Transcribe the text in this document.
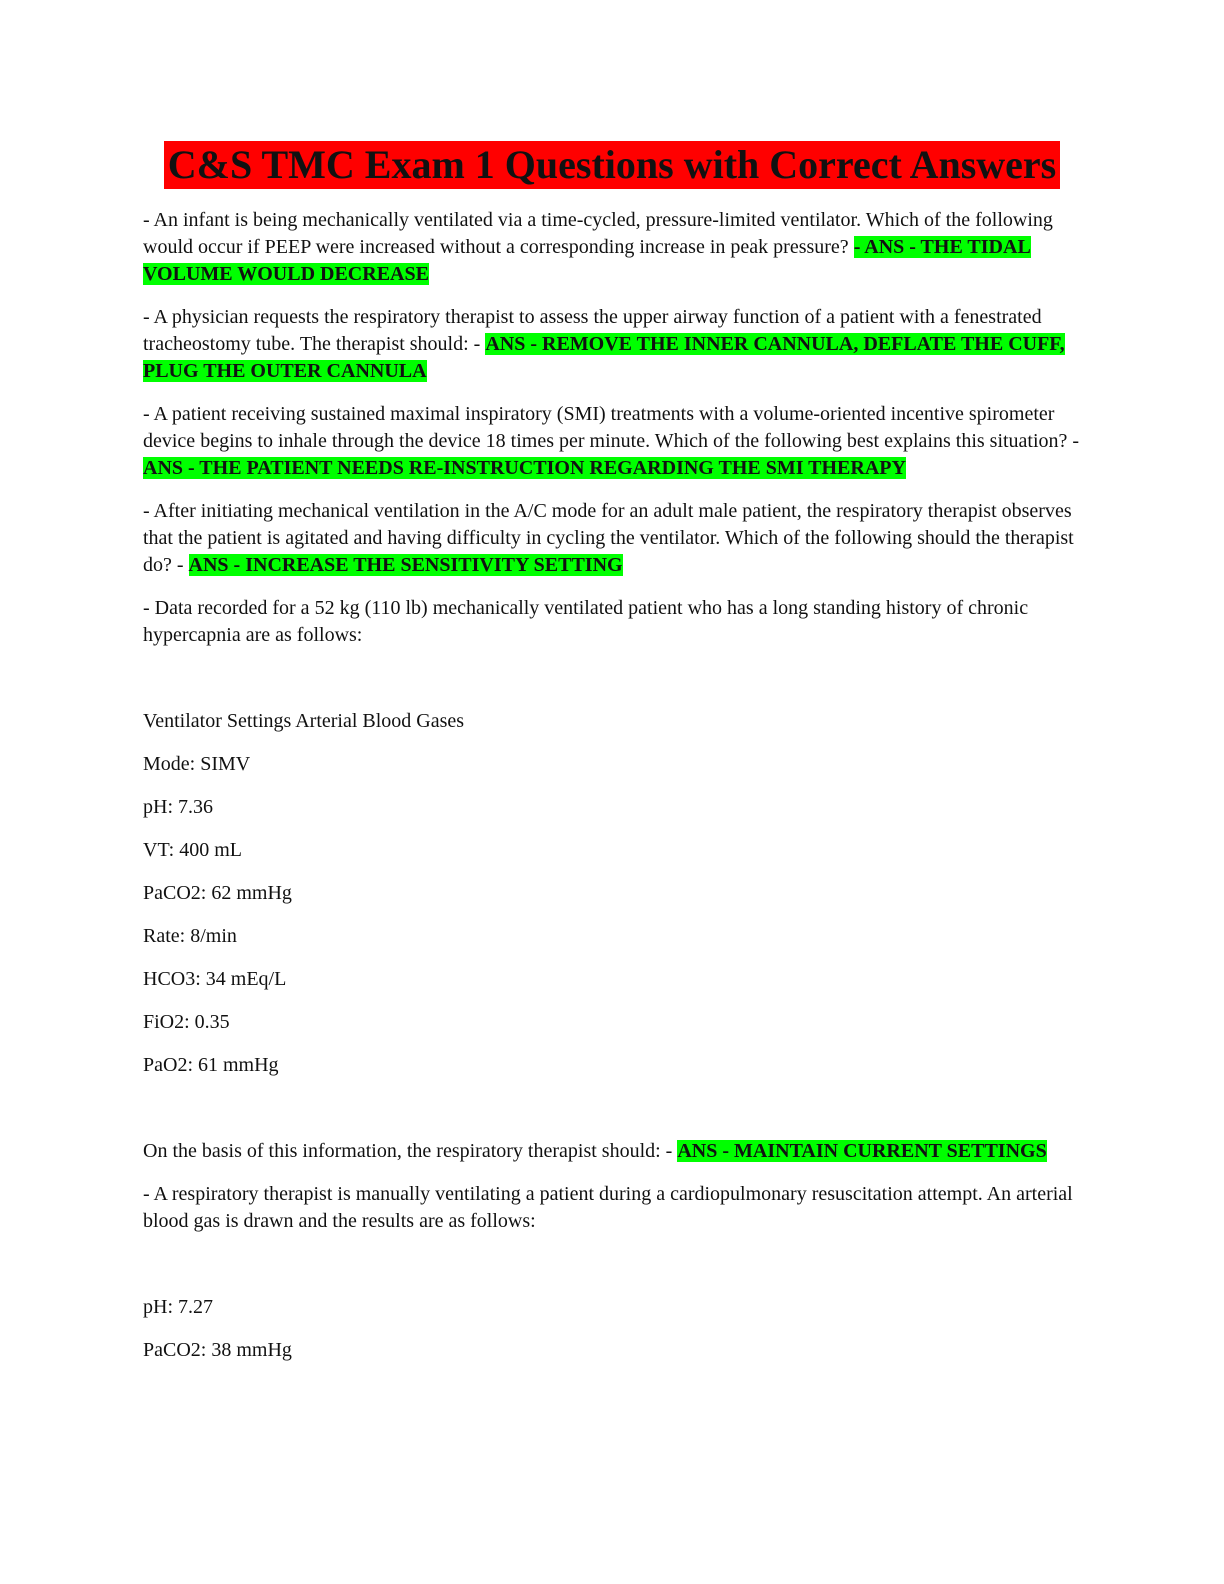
C&S TMC Exam 1 Questions with Correct Answers

- An infant is being mechanically ventilated via a time-cycled, pressure-limited ventilator. Which of the following would occur if PEEP were increased without a corresponding increase in peak pressure? - ANS - THE TIDAL VOLUME WOULD DECREASE

- A physician requests the respiratory therapist to assess the upper airway function of a patient with a fenestrated tracheostomy tube. The therapist should: - ANS - REMOVE THE INNER CANNULA, DEFLATE THE CUFF, PLUG THE OUTER CANNULA

- A patient receiving sustained maximal inspiratory (SMI) treatments with a volume-oriented incentive spirometer device begins to inhale through the device 18 times per minute. Which of the following best explains this situation? - ANS - THE PATIENT NEEDS RE-INSTRUCTION REGARDING THE SMI THERAPY

- After initiating mechanical ventilation in the A/C mode for an adult male patient, the respiratory therapist observes that the patient is agitated and having difficulty in cycling the ventilator. Which of the following should the therapist do? - ANS - INCREASE THE SENSITIVITY SETTING

- Data recorded for a 52 kg (110 lb) mechanically ventilated patient who has a long standing history of chronic hypercapnia are as follows:

Ventilator Settings Arterial Blood Gases

Mode: SIMV

pH: 7.36

VT: 400 mL

PaCO2: 62 mmHg

Rate: 8/min

HCO3: 34 mEq/L

FiO2: 0.35

PaO2: 61 mmHg

On the basis of this information, the respiratory therapist should: - ANS - MAINTAIN CURRENT SETTINGS

- A respiratory therapist is manually ventilating a patient during a cardiopulmonary resuscitation attempt. An arterial blood gas is drawn and the results are as follows:

pH: 7.27

PaCO2: 38 mmHg
